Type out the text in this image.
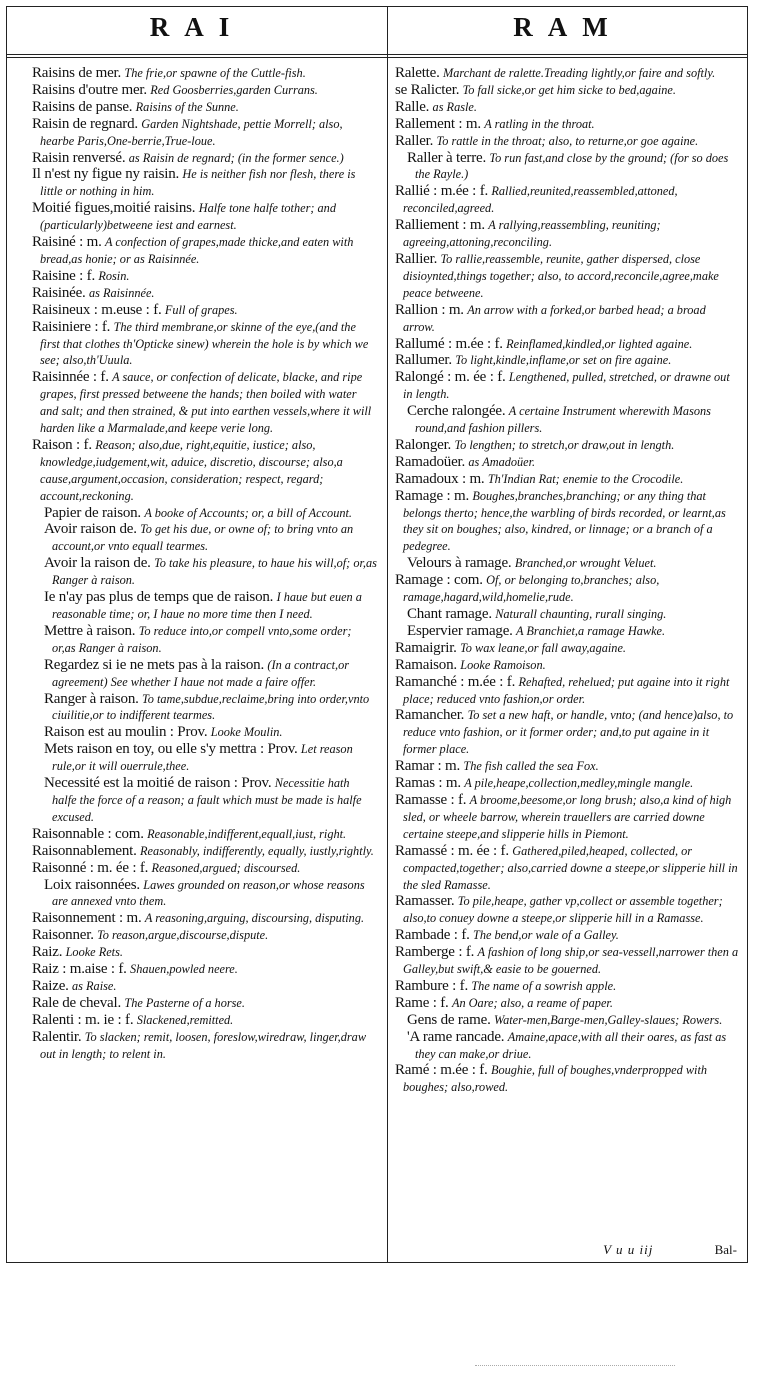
RAI	RAM

Raisins de mer. The frie,or spawne of the Cuttle-fish.

Raisins d'outre mer. Red Goosberries,garden Currans.

Raisins de panse. Raisins of the Sunne.

Raisin de regnard. Garden Nightshade, pettie Morrell; also, hearbe Paris,One-berrie,True-loue.

Raisin renversé. as Raisin de regnard; (in the former sence.)

Il n'est ny figue ny raisin. He is neither fish nor flesh, there is little or nothing in him.

Moitié figues,moitié raisins. Halfe tone halfe tother; and (particularly)betweene iest and earnest.

Raisiné : m. A confection of grapes,made thicke,and eaten with bread,as honie; or as Raisinnée.

Raisine : f. Rosin.

Raisinée. as Raisinnée.

Raisineux : m.euse : f. Full of grapes.

Raisiniere : f. The third membrane,or skinne of the eye,(and the first that clothes th'Opticke sinew) wherein the hole is by which we see; also,th'Uuula.

Raisinnée : f. A sauce, or confection of delicate, blacke, and ripe grapes, first pressed betweene the hands; then boiled with water and salt; and then strained, & put into earthen vessels,where it will harden like a Marmalade,and keepe verie long.

Raison : f. Reason; also,due, right,equitie, iustice; also, knowledge,iudgement,wit, aduice, discretio, discourse; also,a cause,argument,occasion, consideration; respect, regard; account,reckoning.

Papier de raison. A booke of Accounts; or, a bill of Account.

Avoir raison de. To get his due, or owne of; to bring vnto an account,or vnto equall tearmes.

Avoir la raison de. To take his pleasure, to haue his will,of; or,as Ranger à raison.

Ie n'ay pas plus de temps que de raison. I haue but euen a reasonable time; or, I haue no more time then I need.

Mettre à raison. To reduce into,or compell vnto,some order; or,as Ranger à raison.

Regardez si ie ne mets pas à la raison. (In a contract,or agreement) See whether I haue not made a faire offer.

Ranger à raison. To tame,subdue,reclaime,bring into order,vnto ciuilitie,or to indifferent tearmes.

Raison est au moulin : Prov. Looke Moulin.

Mets raison en toy, ou elle s'y mettra : Prov. Let reason rule,or it will ouerrule,thee.

Necessité est la moitié de raison : Prov. Necessitie hath halfe the force of a reason; a fault which must be made is halfe excused.

Raisonnable : com. Reasonable,indifferent,equall,iust, right.

Raisonnablement. Reasonably, indifferently, equally, iustly,rightly.

Raisonné : m. ée : f. Reasoned,argued; discoursed.

Loix raisonnées. Lawes grounded on reason,or whose reasons are annexed vnto them.

Raisonnement : m. A reasoning,arguing, discoursing, disputing.

Raisonner. To reason,argue,discourse,dispute.

Raiz. Looke Rets.

Raiz : m.aise : f. Shauen,powled neere.

Raize. as Raise.

Rale de cheval. The Pasterne of a horse.

Ralenti : m. ie : f. Slackened,remitted.

Ralentir. To slacken; remit, loosen, foreslow,wiredraw, linger,draw out in length; to relent in.

Ralette. Marchant de ralette.Treading lightly,or faire and softly.

se Ralicter. To fall sicke,or get him sicke to bed,againe.

Ralle. as Rasle.

Rallement : m. A ratling in the throat.

Raller. To rattle in the throat; also, to returne,or goe againe.

Raller à terre. To run fast,and close by the ground; (for so does the Rayle.)

Rallié : m.ée : f. Rallied,reunited,reassembled,attoned, reconciled,agreed.

Ralliement : m. A rallying,reassembling, reuniting; agreeing,attoning,reconciling.

Rallier. To rallie,reassemble, reunite, gather dispersed, close disioynted,things together; also, to accord,reconcile,agree,make peace betweene.

Rallion : m. An arrow with a forked,or barbed head; a broad arrow.

Rallumé : m.ée : f. Reinflamed,kindled,or lighted againe.

Rallumer. To light,kindle,inflame,or set on fire againe.

Ralongé : m. ée : f. Lengthened, pulled, stretched, or drawne out in length.

Cerche ralongée. A certaine Instrument wherewith Masons round,and fashion pillers.

Ralonger. To lengthen; to stretch,or draw,out in length.

Ramadoüer. as Amadoüer.

Ramadoux : m. Th'Indian Rat; enemie to the Crocodile.

Ramage : m. Boughes,branches,branching; or any thing that belongs therto; hence,the warbling of birds recorded, or learnt,as they sit on boughes; also, kindred, or linnage; or a branch of a pedegree.

Velours à ramage. Branched,or wrought Veluet.

Ramage : com. Of, or belonging to,branches; also, ramage,hagard,wild,homelie,rude.

Chant ramage. Naturall chaunting, rurall singing.

Espervier ramage. A Branchiet,a ramage Hawke.

Ramaigrir. To wax leane,or fall away,againe.

Ramaison. Looke Ramoison.

Ramanché : m.ée : f. Rehafted, rehelued; put againe into it right place; reduced vnto fashion,or order.

Ramancher. To set a new haft, or handle, vnto; (and hence)also, to reduce vnto fashion, or it former order; and,to put againe in it former place.

Ramar : m. The fish called the sea Fox.

Ramas : m. A pile,heape,collection,medley,mingle mangle.

Ramasse : f. A broome,beesome,or long brush; also,a kind of high sled, or wheele barrow, wherein trauellers are carried downe certaine steepe,and slipperie hills in Piemont.

Ramassé : m. ée : f. Gathered,piled,heaped, collected, or compacted,together; also,carried downe a steepe,or slipperie hill in the sled Ramasse.

Ramasser. To pile,heape, gather vp,collect or assemble together; also,to conuey downe a steepe,or slipperie hill in a Ramasse.

Rambade : f. The bend,or wale of a Galley.

Ramberge : f. A fashion of long ship,or sea-vessell,narrower then a Galley,but swift,& easie to be gouerned.

Rambure : f. The name of a sowrish apple.

Rame : f. An Oare; also, a reame of paper.

Gens de rame. Water-men,Barge-men,Galley-slaues; Rowers.

'A rame rancade. Amaine,apace,with all their oares, as fast as they can make,or driue.

Ramé : m.ée : f. Boughie, full of boughes,vnderpropped with boughes; also,rowed.

V u u iij	Bal-
